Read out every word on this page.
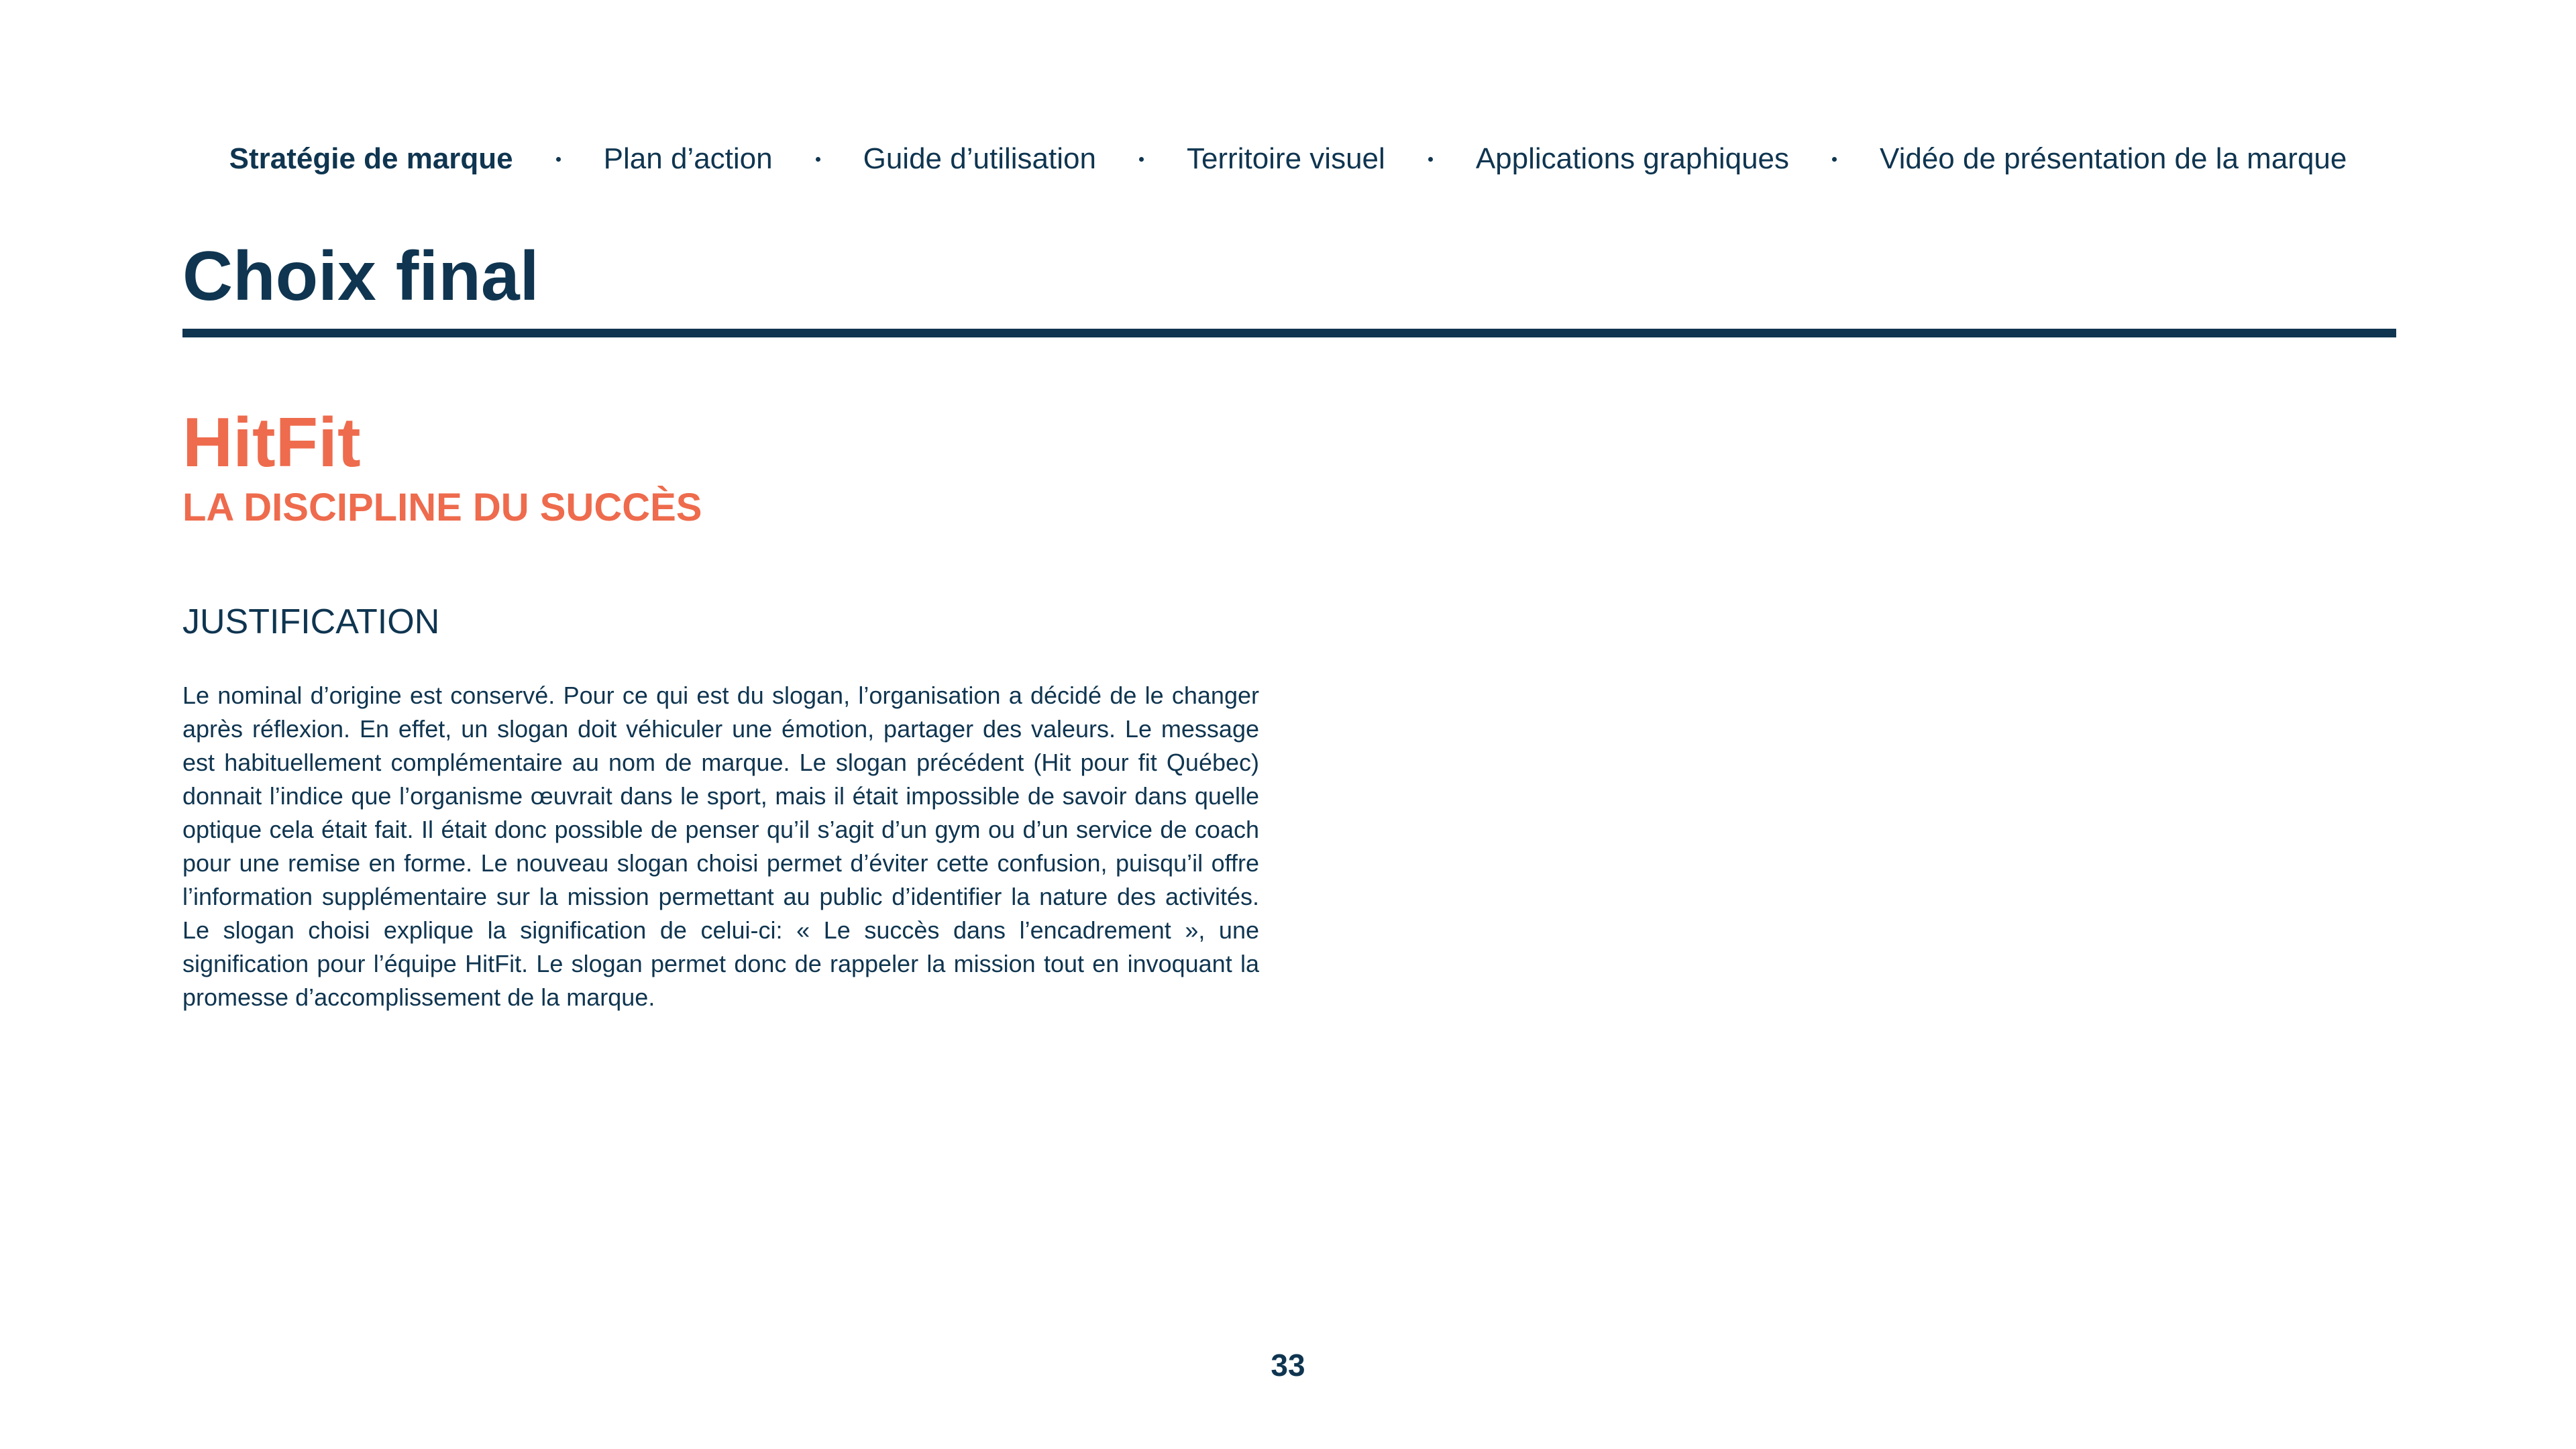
Stratégie de marque	Plan d’action	Guide d’utilisation	Territoire visuel	Applications graphiques	Vidéo de présentation de la marque
Choix final
HitFit
LA DISCIPLINE DU SUCCÈS
JUSTIFICATION

Le nominal d’origine est conservé. Pour ce qui est du slogan, l’organisation a décidé de le changer après réflexion. En effet, un slogan doit véhiculer une émotion, partager des valeurs. Le message est habituellement complémentaire au nom de marque. Le slogan précédent (Hit pour fit Québec) donnait l’indice que l’organisme œuvrait dans le sport, mais il était impossible de savoir dans quelle optique cela était fait. Il était donc possible de penser qu’il s’agit d’un gym ou d’un service de coach pour une remise en forme. Le nouveau slogan choisi permet d’éviter cette confusion, puisqu’il offre l’information supplémentaire sur la mission permettant au public d’identifier la nature des activités. Le slogan choisi explique la signification de celui-ci: « Le succès dans l’encadrement », une signification pour l’équipe HitFit. Le slogan permet donc de rappeler la mission tout en invoquant la promesse d’accomplissement de la marque.

33
